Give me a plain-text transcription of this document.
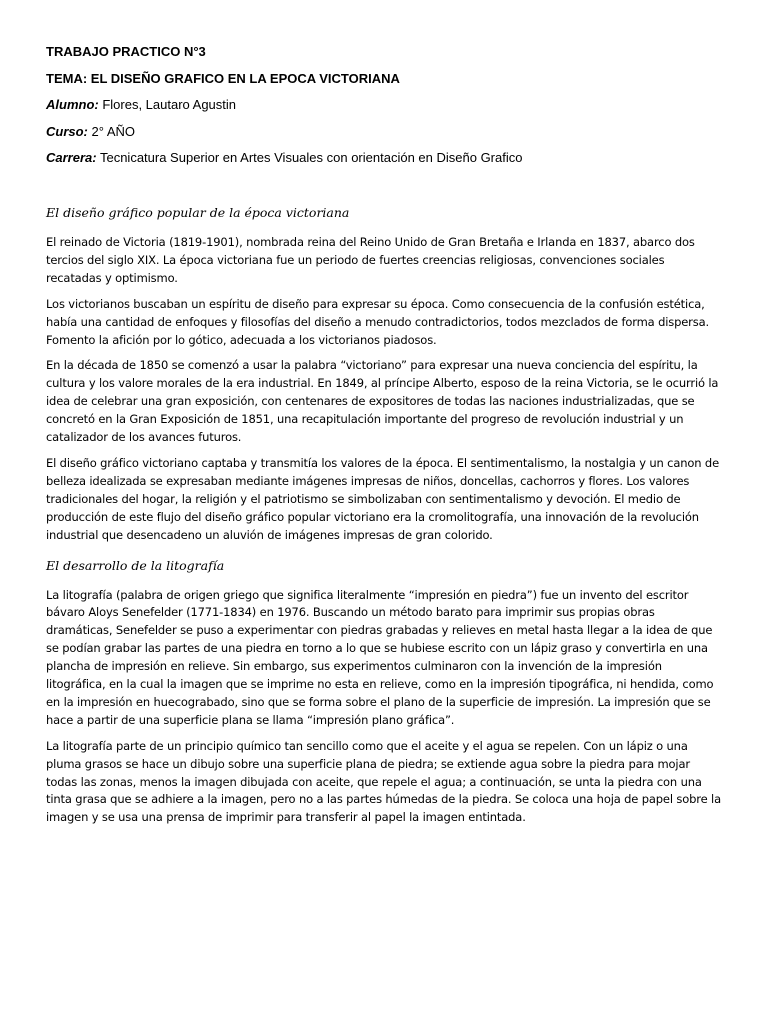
TRABAJO PRACTICO N°3
TEMA: EL DISEÑO GRAFICO EN LA EPOCA VICTORIANA
Alumno: Flores, Lautaro Agustin
Curso: 2° AÑO
Carrera: Tecnicatura Superior en Artes Visuales con orientación en Diseño Grafico
El diseño gráfico popular de la época victoriana

El reinado de Victoria (1819-1901), nombrada reina del Reino Unido de Gran Bretaña e Irlanda en 1837, abarco dos tercios del siglo XIX. La época victoriana fue un periodo de fuertes creencias religiosas, convenciones sociales recatadas y optimismo.

Los victorianos buscaban un espíritu de diseño para expresar su época. Como consecuencia de la confusión estética, había una cantidad de enfoques y filosofías del diseño a menudo contradictorios, todos mezclados de forma dispersa. Fomento la afición por lo gótico, adecuada a los victorianos piadosos.

En la década de 1850 se comenzó a usar la palabra “victoriano” para expresar una nueva conciencia del espíritu, la cultura y los valore morales de la era industrial. En 1849, al príncipe Alberto, esposo de la reina Victoria, se le ocurrió la idea de celebrar una gran exposición, con centenares de expositores de todas las naciones industrializadas, que se concretó en la Gran Exposición de 1851, una recapitulación importante del progreso de revolución industrial y un catalizador de los avances futuros.

El diseño gráfico victoriano captaba y transmitía los valores de la época. El sentimentalismo, la nostalgia y un canon de belleza idealizada se expresaban mediante imágenes impresas de niños, doncellas, cachorros y flores. Los valores tradicionales del hogar, la religión y el patriotismo se simbolizaban con sentimentalismo y devoción. El medio de producción de este flujo del diseño gráfico popular victoriano era la cromolitografía, una innovación de la revolución industrial que desencadeno un aluvión de imágenes impresas de gran colorido.

El desarrollo de la litografía

La litografía (palabra de origen griego que significa literalmente “impresión en piedra”) fue un invento del escritor bávaro Aloys Senefelder (1771-1834) en 1976. Buscando un método barato para imprimir sus propias obras dramáticas, Senefelder se puso a experimentar con piedras grabadas y relieves en metal hasta llegar a la idea de que se podían grabar las partes de una piedra en torno a lo que se hubiese escrito con un lápiz graso y convertirla en una plancha de impresión en relieve. Sin embargo, sus experimentos culminaron con la invención de la impresión litográfica, en la cual la imagen que se imprime no esta en relieve, como en la impresión tipográfica, ni hendida, como en la impresión en huecograbado, sino que se forma sobre el plano de la superficie de impresión. La impresión que se hace a partir de una superficie plana se llama “impresión plano gráfica”.

La litografía parte de un principio químico tan sencillo como que el aceite y el agua se repelen. Con un lápiz o una pluma grasos se hace un dibujo sobre una superficie plana de piedra; se extiende agua sobre la piedra para mojar todas las zonas, menos la imagen dibujada con aceite, que repele el agua; a continuación, se unta la piedra con una tinta grasa que se adhiere a la imagen, pero no a las partes húmedas de la piedra. Se coloca una hoja de papel sobre la imagen y se usa una prensa de imprimir para transferir al papel la imagen entintada.
